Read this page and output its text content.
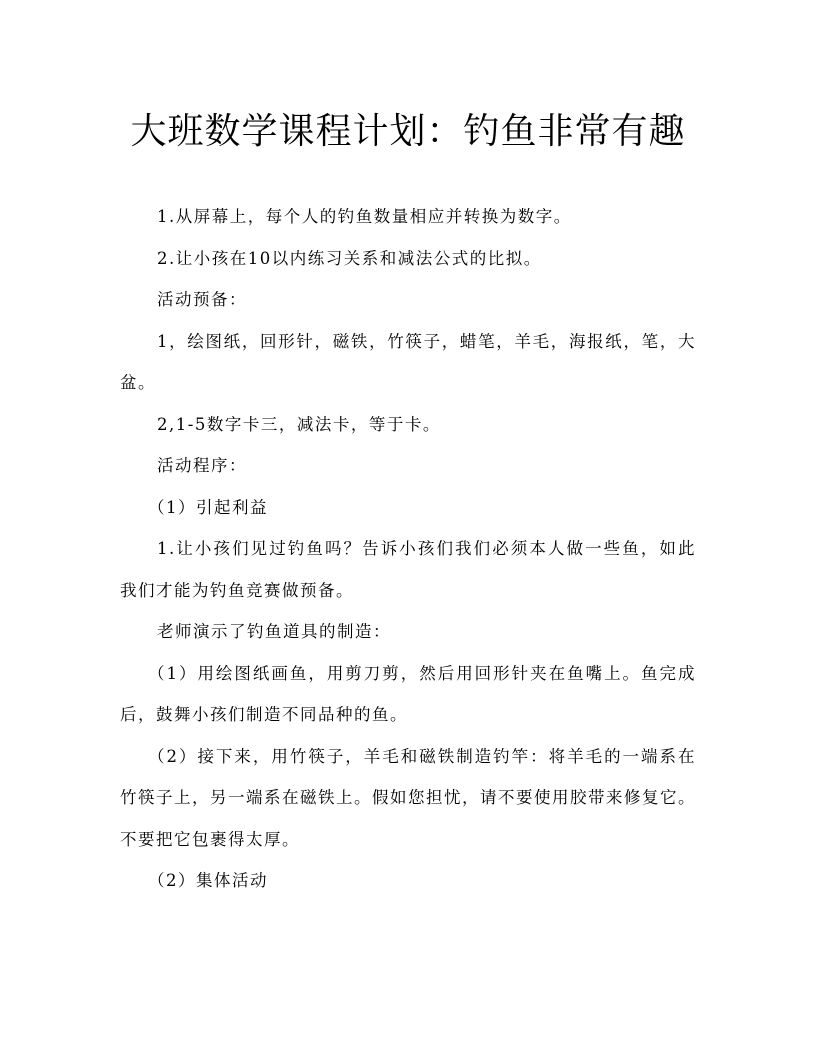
大班数学课程计划：钓鱼非常有趣

1.从屏幕上，每个人的钓鱼数量相应并转换为数字。

2.让小孩在10以内练习关系和减法公式的比拟。

活动预备：

1，绘图纸，回形针，磁铁，竹筷子，蜡笔，羊毛，海报纸，笔，大盆。

2,1-5数字卡三，减法卡，等于卡。

活动程序：

（1）引起利益

1.让小孩们见过钓鱼吗？告诉小孩们我们必须本人做一些鱼，如此我们才能为钓鱼竞赛做预备。

老师演示了钓鱼道具的制造：

（1）用绘图纸画鱼，用剪刀剪，然后用回形针夹在鱼嘴上。鱼完成后，鼓舞小孩们制造不同品种的鱼。

（2）接下来，用竹筷子，羊毛和磁铁制造钓竿：将羊毛的一端系在竹筷子上，另一端系在磁铁上。假如您担忧，请不要使用胶带来修复它。不要把它包裹得太厚。

（2）集体活动
